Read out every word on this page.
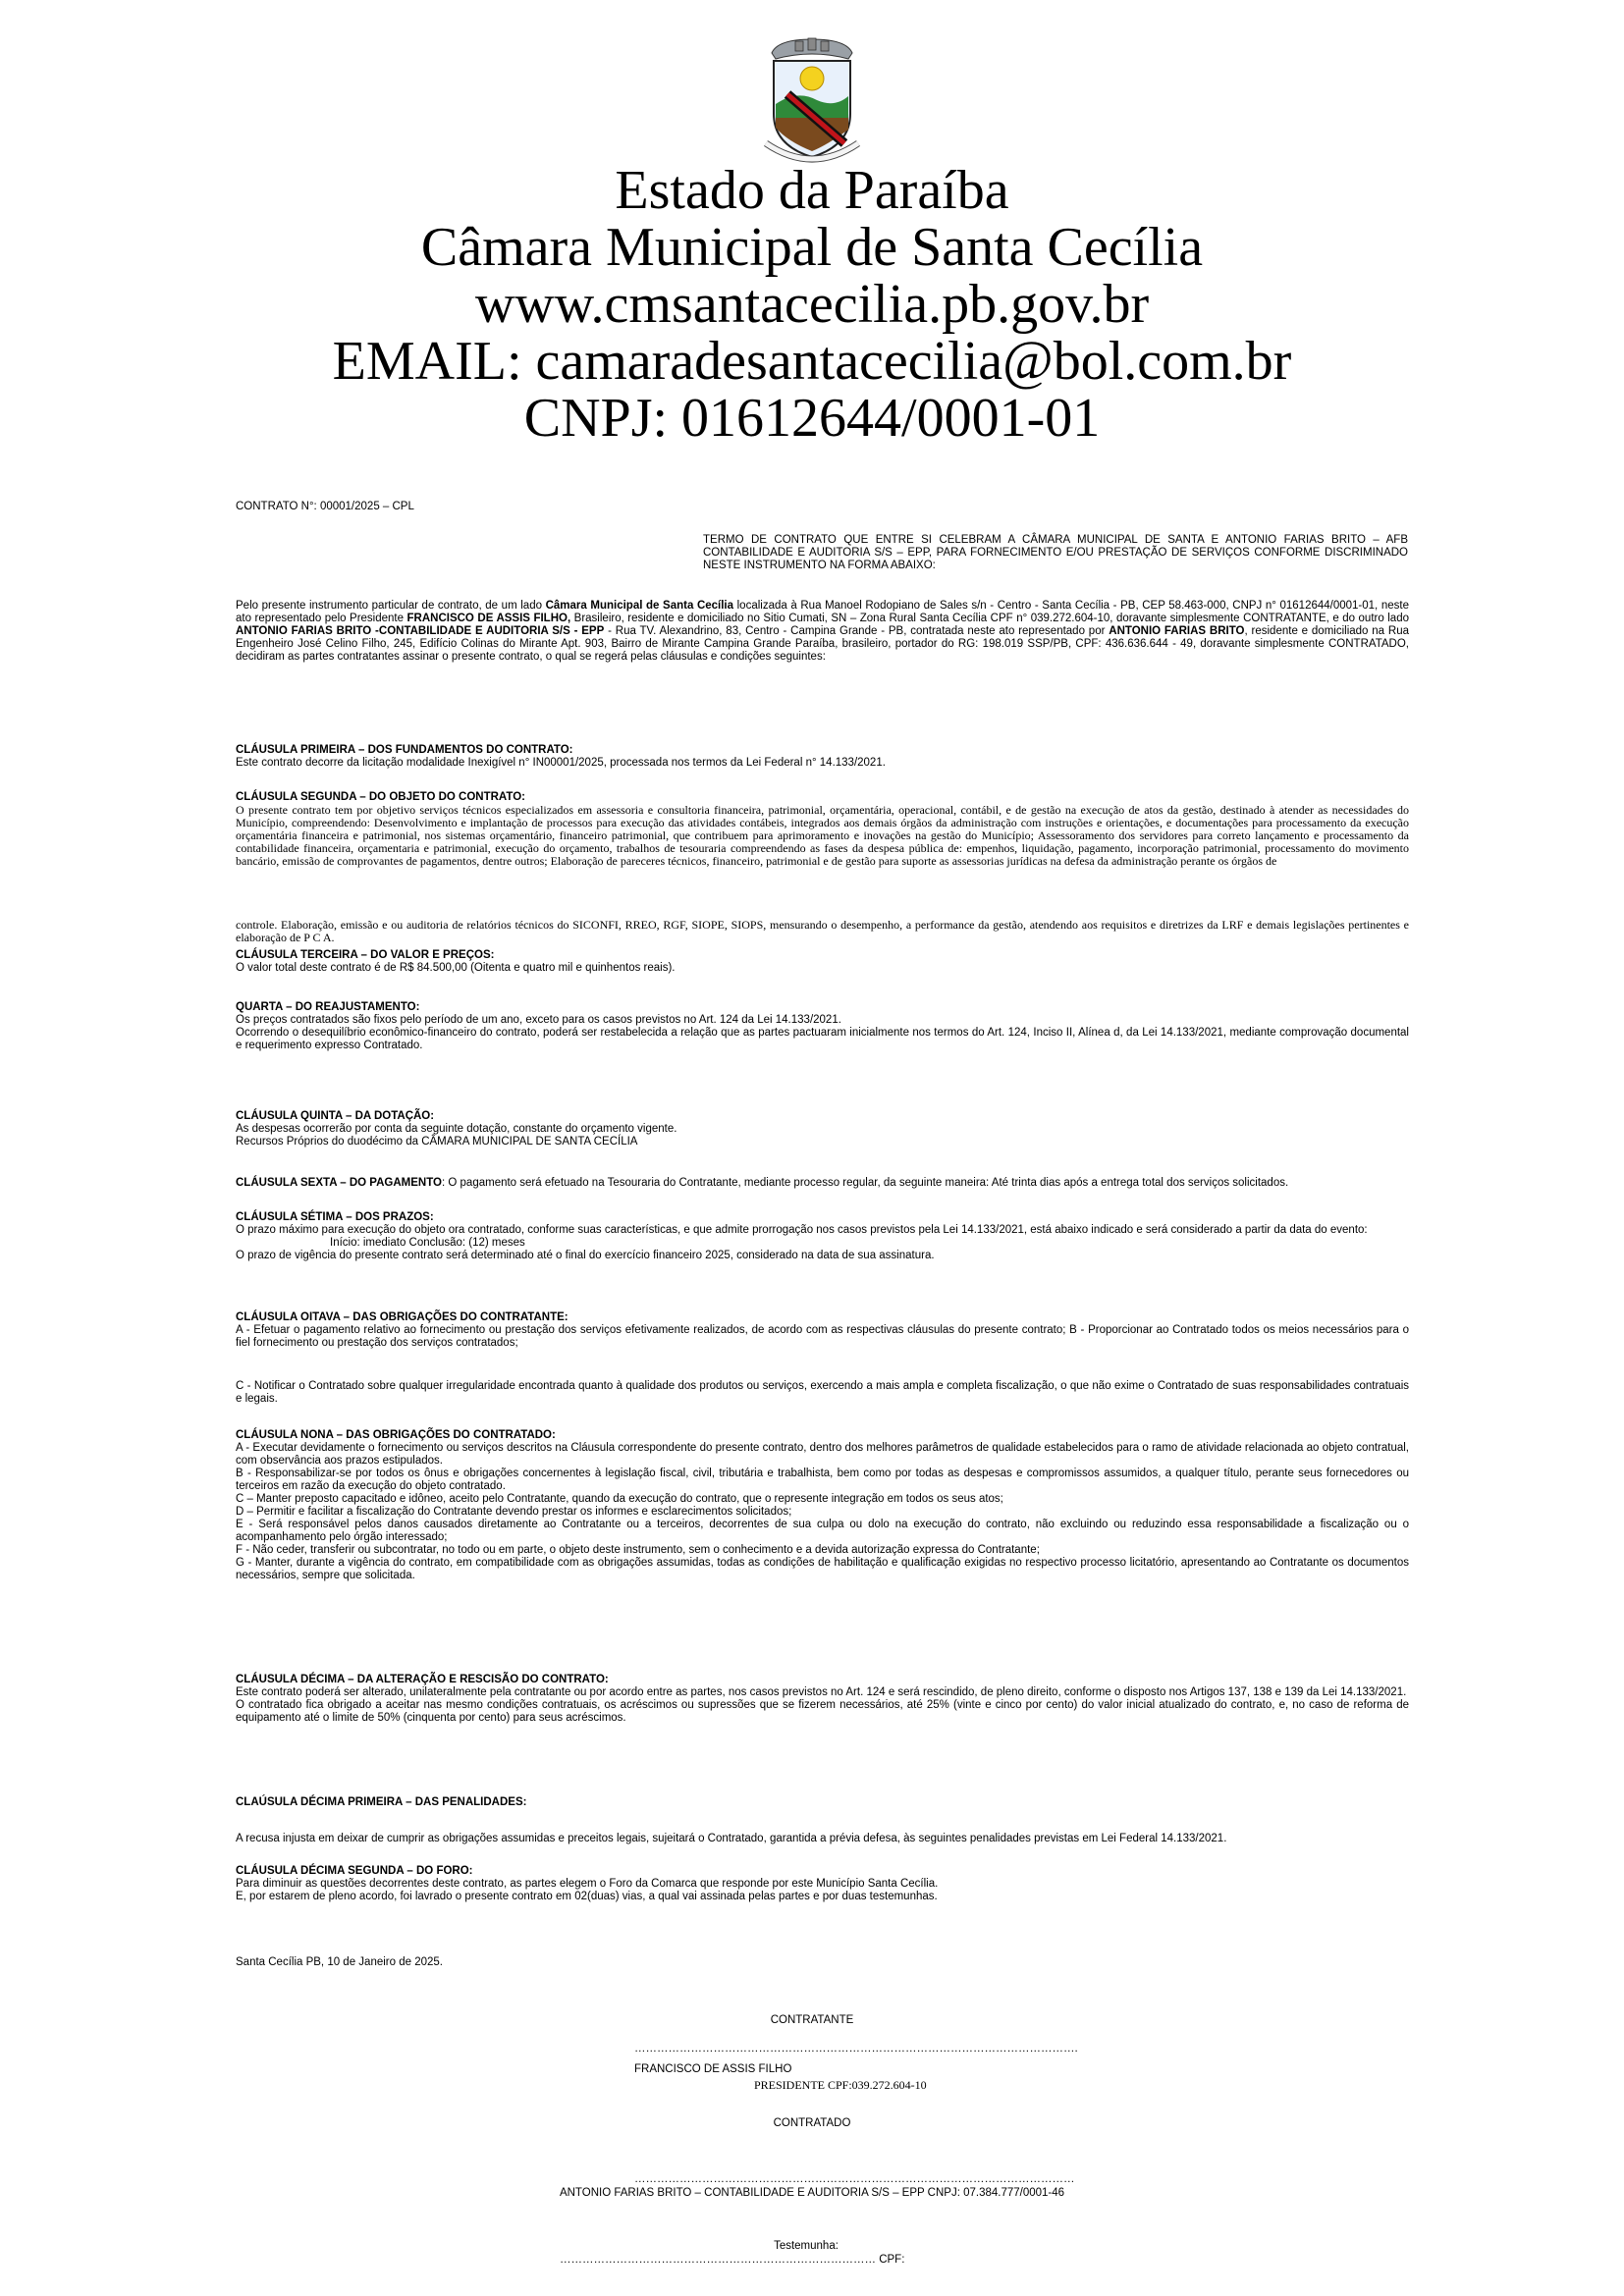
Estado da Paraíba
Câmara Municipal de Santa Cecília
www.cmsantacecilia.pb.gov.br
EMAIL: camaradesantacecilia@bol.com.br
CNPJ: 01612644/0001-01
CONTRATO N°: 00001/2025 – CPL
TERMO DE CONTRATO QUE ENTRE SI CELEBRAM A CÂMARA MUNICIPAL DE SANTA E ANTONIO FARIAS BRITO – AFB CONTABILIDADE E AUDITORIA S/S – EPP, PARA FORNECIMENTO E/OU PRESTAÇÃO DE SERVIÇOS CONFORME DISCRIMINADO NESTE INSTRUMENTO NA FORMA ABAIXO:
Pelo presente instrumento particular de contrato, de um lado Câmara Municipal de Santa Cecília localizada à Rua Manoel Rodopiano de Sales s/n - Centro - Santa Cecília - PB, CEP 58.463-000, CNPJ n° 01612644/0001-01, neste ato representado pelo Presidente FRANCISCO DE ASSIS FILHO, Brasileiro, residente e domiciliado no Sitio Cumati, SN – Zona Rural Santa Cecília CPF n° 039.272.604-10, doravante simplesmente CONTRATANTE, e do outro lado ANTONIO FARIAS BRITO -CONTABILIDADE E AUDITORIA S/S - EPP - Rua TV. Alexandrino, 83, Centro - Campina Grande - PB, contratada neste ato representado por ANTONIO FARIAS BRITO, residente e domiciliado na Rua Engenheiro José Celino Filho, 245, Edifício Colinas do Mirante Apt. 903, Bairro de Mirante Campina Grande Paraíba, brasileiro, portador do RG: 198.019 SSP/PB, CPF: 436.636.644 - 49, doravante simplesmente CONTRATADO, decidiram as partes contratantes assinar o presente contrato, o qual se regerá pelas cláusulas e condições seguintes:

CLÁUSULA PRIMEIRA – DOS FUNDAMENTOS DO CONTRATO:

Este contrato decorre da licitação modalidade Inexigível n° IN00001/2025, processada nos termos da Lei Federal n° 14.133/2021.

CLÁUSULA SEGUNDA – DO OBJETO DO CONTRATO:

O presente contrato tem por objetivo serviços técnicos especializados em assessoria e consultoria financeira, patrimonial, orçamentária, operacional, contábil, e de gestão na execução de atos da gestão, destinado à atender as necessidades do Município, compreendendo: Desenvolvimento e implantação de processos para execução das atividades contábeis, integrados aos demais órgãos da administração com instruções e orientações, e documentações para processamento da execução orçamentária financeira e patrimonial, nos sistemas orçamentário, financeiro patrimonial, que contribuem para aprimoramento e inovações na gestão do Município; Assessoramento dos servidores para correto lançamento e processamento da contabilidade financeira, orçamentaria e patrimonial, execução do orçamento, trabalhos de tesouraria compreendendo as fases da despesa pública de: empenhos, liquidação, pagamento, incorporação patrimonial, processamento do movimento bancário, emissão de comprovantes de pagamentos, dentre outros; Elaboração de pareceres técnicos, financeiro, patrimonial e de gestão para suporte as assessorias jurídicas na defesa da administração perante os órgãos de

controle. Elaboração, emissão e ou auditoria de relatórios técnicos do SICONFI, RREO, RGF, SIOPE, SIOPS, mensurando o desempenho, a performance da gestão, atendendo aos requisitos e diretrizes da LRF e demais legislações pertinentes e elaboração de P C A.

CLÁUSULA TERCEIRA – DO VALOR E PREÇOS:

O valor total deste contrato é de R$ 84.500,00 (Oitenta e quatro mil e quinhentos reais).

QUARTA – DO REAJUSTAMENTO:

Os preços contratados são fixos pelo período de um ano, exceto para os casos previstos no Art. 124 da Lei 14.133/2021.

Ocorrendo o desequilíbrio econômico-financeiro do contrato, poderá ser restabelecida a relação que as partes pactuaram inicialmente nos termos do Art. 124, Inciso II, Alínea d, da Lei 14.133/2021, mediante comprovação documental e requerimento expresso Contratado.

CLÁUSULA QUINTA – DA DOTAÇÃO:

As despesas ocorrerão por conta da seguinte dotação, constante do orçamento vigente.

Recursos Próprios do duodécimo da CÂMARA MUNICIPAL DE SANTA CECÍLIA

CLÁUSULA SEXTA – DO PAGAMENTO: O pagamento será efetuado na Tesouraria do Contratante, mediante processo regular, da seguinte maneira: Até trinta dias após a entrega total dos serviços solicitados.

CLÁUSULA SÉTIMA – DOS PRAZOS:

O prazo máximo para execução do objeto ora contratado, conforme suas características, e que admite prorrogação nos casos previstos pela Lei 14.133/2021, está abaixo indicado e será considerado a partir da data do evento:

Início: imediato Conclusão: (12) meses

O prazo de vigência do presente contrato será determinado até o final do exercício financeiro 2025, considerado na data de sua assinatura.

CLÁUSULA OITAVA – DAS OBRIGAÇÕES DO CONTRATANTE:

A - Efetuar o pagamento relativo ao fornecimento ou prestação dos serviços efetivamente realizados, de acordo com as respectivas cláusulas do presente contrato; B - Proporcionar ao Contratado todos os meios necessários para o fiel fornecimento ou prestação dos serviços contratados;

C - Notificar o Contratado sobre qualquer irregularidade encontrada quanto à qualidade dos produtos ou serviços, exercendo a mais ampla e completa fiscalização, o que não exime o Contratado de suas responsabilidades contratuais e legais.

CLÁUSULA NONA – DAS OBRIGAÇÕES DO CONTRATADO:

A - Executar devidamente o fornecimento ou serviços descritos na Cláusula correspondente do presente contrato, dentro dos melhores parâmetros de qualidade estabelecidos para o ramo de atividade relacionada ao objeto contratual, com observância aos prazos estipulados.

B - Responsabilizar-se por todos os ônus e obrigações concernentes à legislação fiscal, civil, tributária e trabalhista, bem como por todas as despesas e compromissos assumidos, a qualquer título, perante seus fornecedores ou terceiros em razão da execução do objeto contratado.

C – Manter preposto capacitado e idôneo, aceito pelo Contratante, quando da execução do contrato, que o represente integração em todos os seus atos;

D – Permitir e facilitar a fiscalização do Contratante devendo prestar os informes e esclarecimentos solicitados;

E - Será responsável pelos danos causados diretamente ao Contratante ou a terceiros, decorrentes de sua culpa ou dolo na execução do contrato, não excluindo ou reduzindo essa responsabilidade a fiscalização ou o acompanhamento pelo órgão interessado;

F - Não ceder, transferir ou subcontratar, no todo ou em parte, o objeto deste instrumento, sem o conhecimento e a devida autorização expressa do Contratante;

G - Manter, durante a vigência do contrato, em compatibilidade com as obrigações assumidas, todas as condições de habilitação e qualificação exigidas no respectivo processo licitatório, apresentando ao Contratante os documentos necessários, sempre que solicitada.

CLÁUSULA DÉCIMA – DA ALTERAÇÃO E RESCISÃO DO CONTRATO:

Este contrato poderá ser alterado, unilateralmente pela contratante ou por acordo entre as partes, nos casos previstos no Art. 124 e será rescindido, de pleno direito, conforme o disposto nos Artigos 137, 138 e 139 da Lei 14.133/2021.

O contratado fica obrigado a aceitar nas mesmo condições contratuais, os acréscimos ou supressões que se fizerem necessários, até 25% (vinte e cinco por cento) do valor inicial atualizado do contrato, e, no caso de reforma de equipamento até o limite de 50% (cinquenta por cento) para seus acréscimos.

CLAÚSULA DÉCIMA PRIMEIRA – DAS PENALIDADES:

A recusa injusta em deixar de cumprir as obrigações assumidas e preceitos legais, sujeitará o Contratado, garantida a prévia defesa, às seguintes penalidades previstas em Lei Federal 14.133/2021.

CLÁUSULA DÉCIMA SEGUNDA – DO FORO:

Para diminuir as questões decorrentes deste contrato, as partes elegem o Foro da Comarca que responde por este Município Santa Cecília.

E, por estarem de pleno acordo, foi lavrado o presente contrato em 02(duas) vias, a qual vai assinada pelas partes e por duas testemunhas.

Santa Cecília PB, 10 de Janeiro de 2025.
CONTRATANTE
……………………………………………………………………………………………………….
FRANCISCO DE ASSIS FILHO
PRESIDENTE CPF:039.272.604-10
CONTRATADO
………………………………………………………………………………………………………
ANTONIO FARIAS BRITO – CONTABILIDADE E AUDITORIA S/S – EPP CNPJ: 07.384.777/0001-46
Testemunha:
………………………………………………………………………… CPF:
